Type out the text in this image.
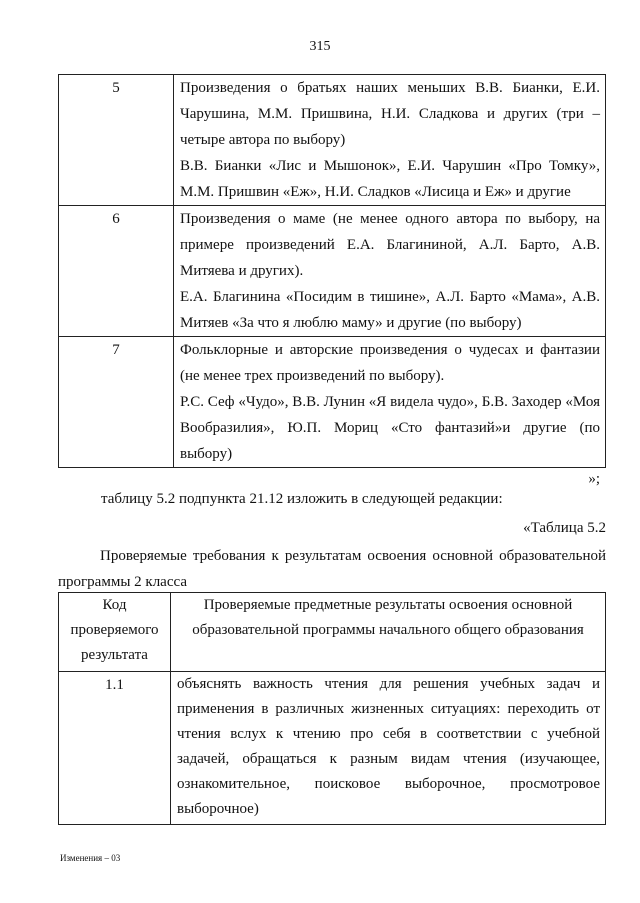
315
5	Произведения о братьях наших меньших В.В. Бианки, Е.И. Чарушина, М.М. Пришвина, Н.И. Сладкова и других (три – четыре автора по выбору)

В.В. Бианки «Лис и Мышонок», Е.И. Чарушин «Про Томку», М.М. Пришвин «Еж», Н.И. Сладков «Лисица и Еж» и другие

6	Произведения о маме (не менее одного автора по выбору, на примере произведений Е.А. Благининой, А.Л. Барто, А.В. Митяева и других).

Е.А. Благинина «Посидим в тишине», А.Л. Барто «Мама», А.В. Митяев «За что я люблю маму» и другие (по выбору)

7	Фольклорные и авторские произведения о чудесах и фантазии (не менее трех произведений по выбору).

Р.С. Сеф «Чудо», В.В. Лунин «Я видела чудо», Б.В. Заходер «Моя Вообразилия», Ю.П. Мориц «Сто фантазий»и другие (по выбору)

»;
таблицу 5.2 подпункта 21.12 изложить в следующей редакции:
«Таблица 5.2
Проверяемые требования к результатам освоения основной образовательной программы 2 класса
Код проверяемого результата	Проверяемые предметные результаты освоения основной образовательной программы начального общего образования
1.1	объяснять важность чтения для решения учебных задач и применения в различных жизненных ситуациях: переходить от чтения вслух к чтению про себя в соответствии с учебной задачей, обращаться к разным видам чтения (изучающее, ознакомительное, поисковое выборочное, просмотровое выборочное)
Изменения – 03
